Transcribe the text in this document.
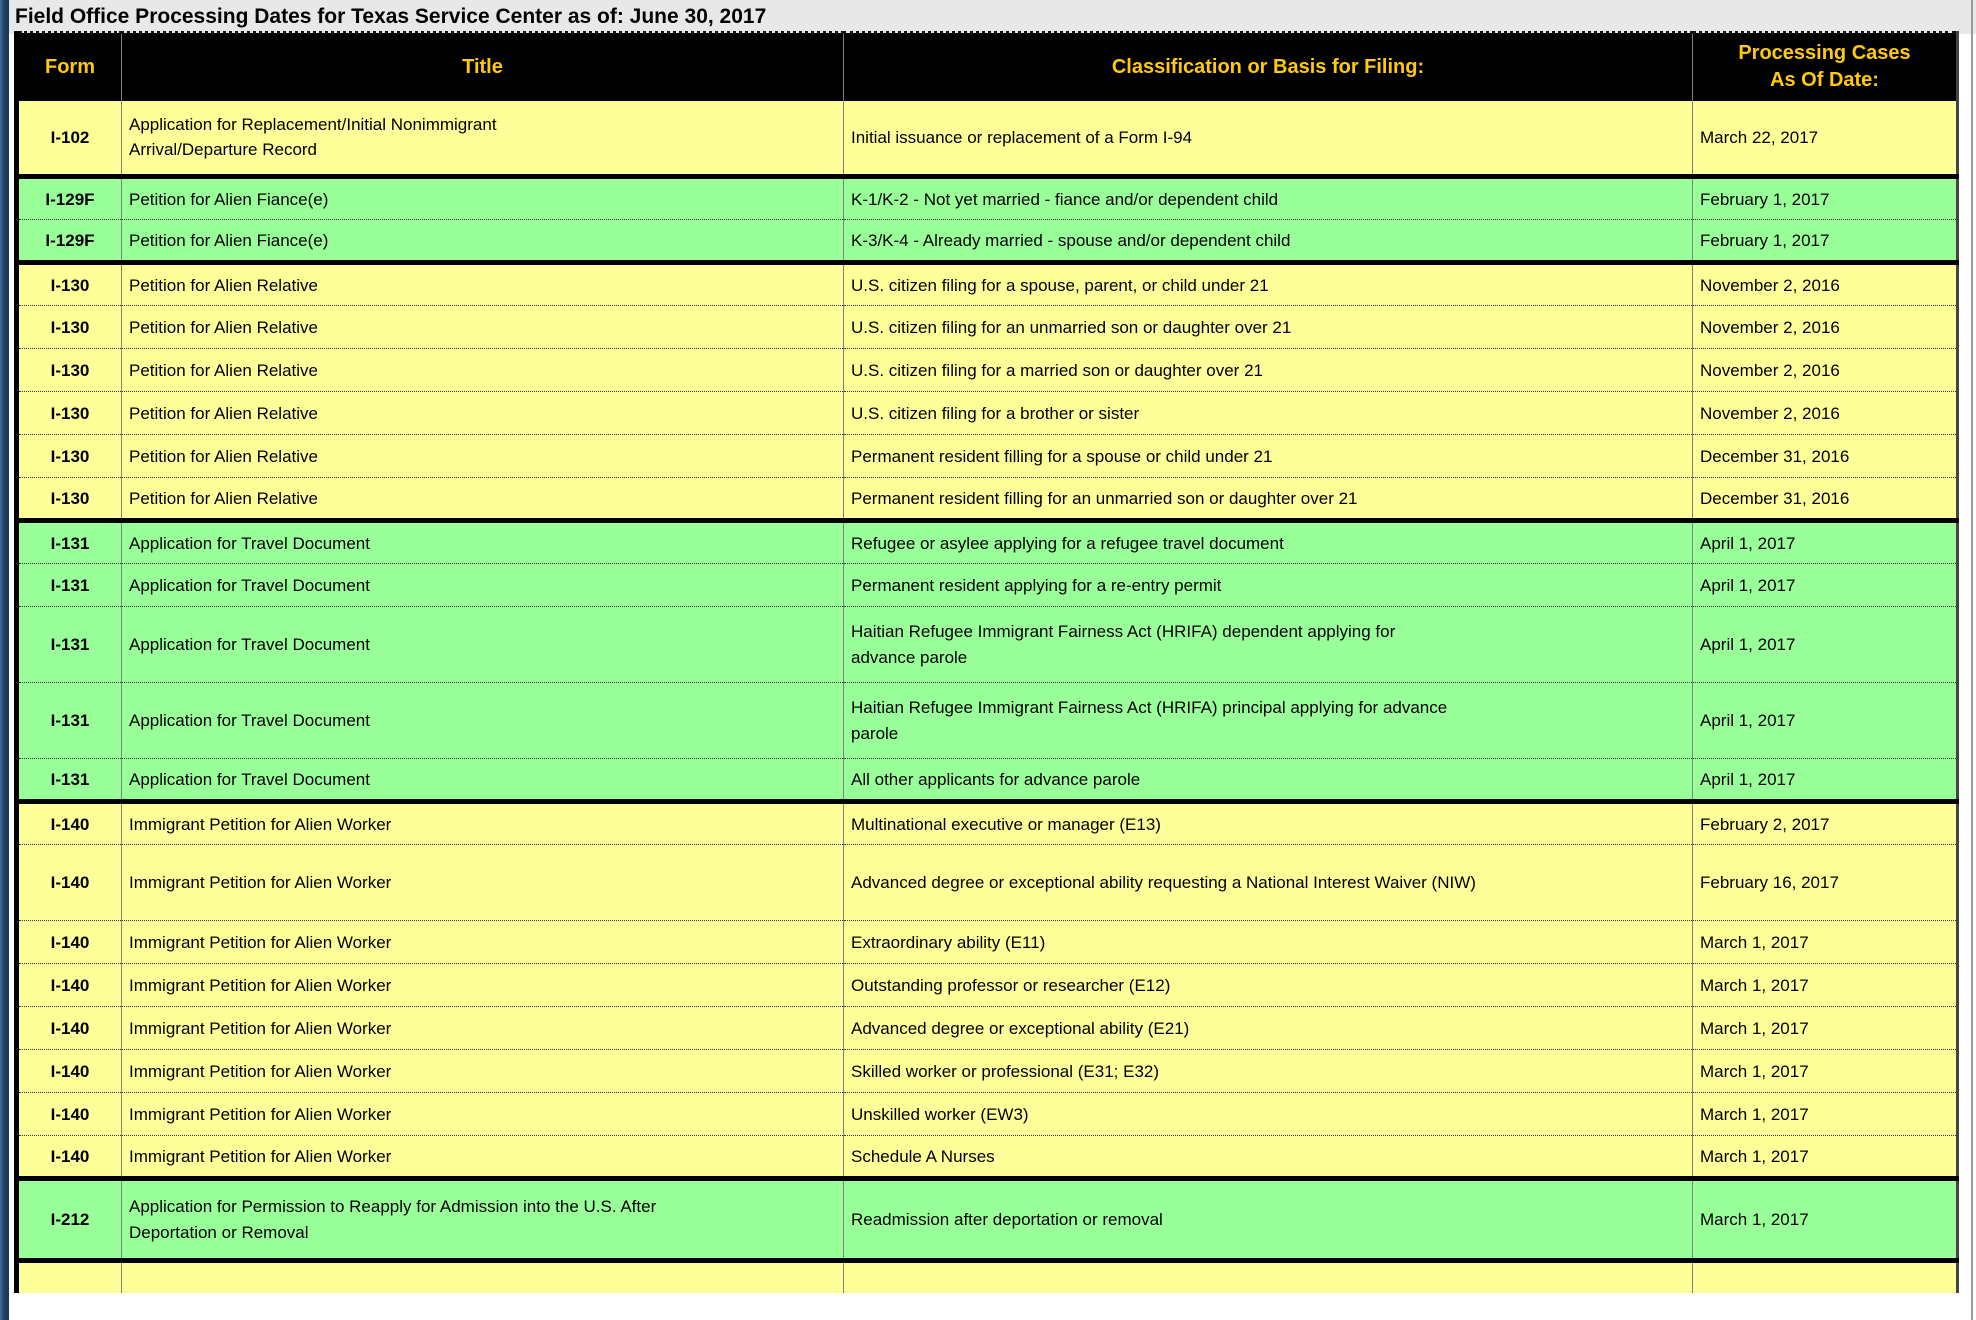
Field Office Processing Dates for Texas Service Center as of: June 30, 2017
Form	Title	Classification or Basis for Filing:	Processing Cases As Of Date:
I-102	Application for Replacement/Initial Nonimmigrant Arrival/Departure Record	Initial issuance or replacement of a Form I-94	March 22, 2017
I-129F	Petition for Alien Fiance(e)	K-1/K-2 - Not yet married - fiance and/or dependent child	February 1, 2017
I-129F	Petition for Alien Fiance(e)	K-3/K-4 - Already married - spouse and/or dependent child	February 1, 2017
I-130	Petition for Alien Relative	U.S. citizen filing for a spouse, parent, or child under 21	November 2, 2016
I-130	Petition for Alien Relative	U.S. citizen filing for an unmarried son or daughter over 21	November 2, 2016
I-130	Petition for Alien Relative	U.S. citizen filing for a married son or daughter over 21	November 2, 2016
I-130	Petition for Alien Relative	U.S. citizen filing for a brother or sister	November 2, 2016
I-130	Petition for Alien Relative	Permanent resident filling for a spouse or child under 21	December 31, 2016
I-130	Petition for Alien Relative	Permanent resident filling for an unmarried son or daughter over 21	December 31, 2016
I-131	Application for Travel Document	Refugee or asylee applying for a refugee travel document	April 1, 2017
I-131	Application for Travel Document	Permanent resident applying for a re-entry permit	April 1, 2017
I-131	Application for Travel Document	Haitian Refugee Immigrant Fairness Act (HRIFA) dependent applying for advance parole	April 1, 2017
I-131	Application for Travel Document	Haitian Refugee Immigrant Fairness Act (HRIFA) principal applying for advance parole	April 1, 2017
I-131	Application for Travel Document	All other applicants for advance parole	April 1, 2017
I-140	Immigrant Petition for Alien Worker	Multinational executive or manager (E13)	February 2, 2017
I-140	Immigrant Petition for Alien Worker	Advanced degree or exceptional ability requesting a National Interest Waiver (NIW)	February 16, 2017
I-140	Immigrant Petition for Alien Worker	Extraordinary ability (E11)	March 1, 2017
I-140	Immigrant Petition for Alien Worker	Outstanding professor or researcher (E12)	March 1, 2017
I-140	Immigrant Petition for Alien Worker	Advanced degree or exceptional ability (E21)	March 1, 2017
I-140	Immigrant Petition for Alien Worker	Skilled worker or professional (E31; E32)	March 1, 2017
I-140	Immigrant Petition for Alien Worker	Unskilled worker (EW3)	March 1, 2017
I-140	Immigrant Petition for Alien Worker	Schedule A Nurses	March 1, 2017
I-212	Application for Permission to Reapply for Admission into the U.S. After Deportation or Removal	Readmission after deportation or removal	March 1, 2017
